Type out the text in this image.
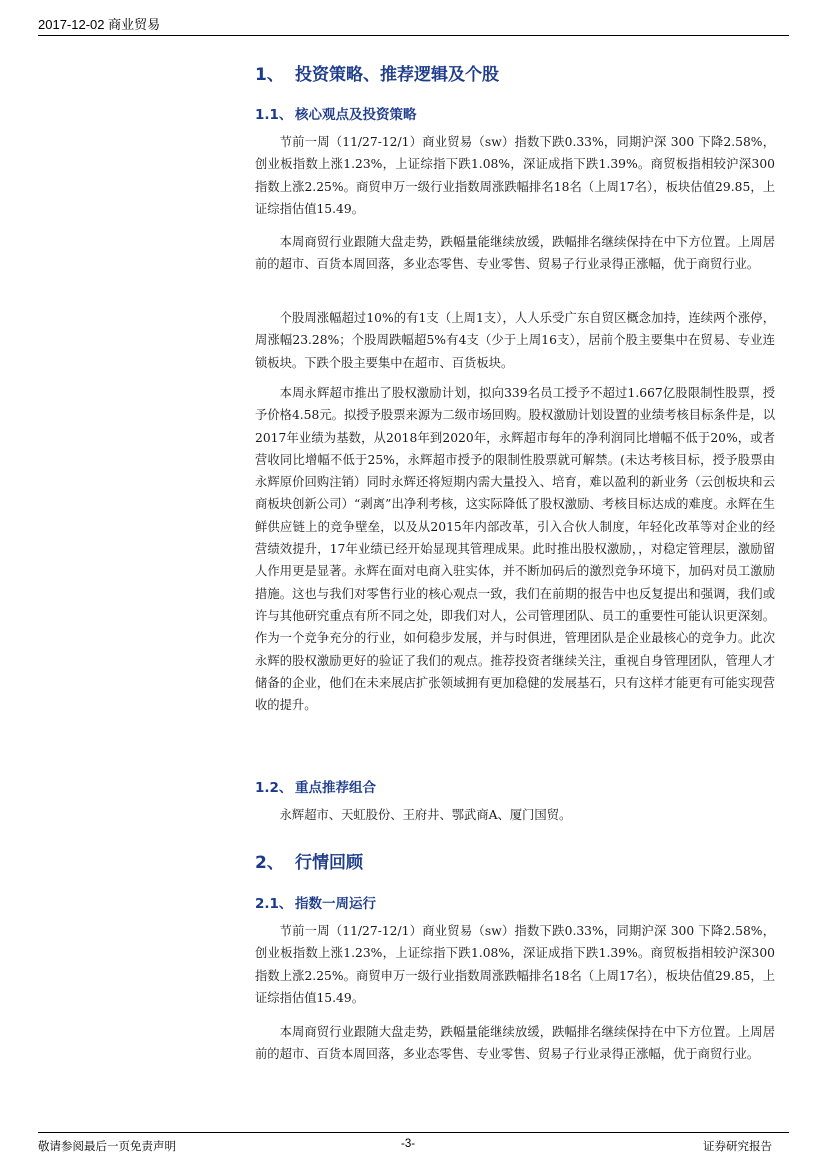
2017-12-02 商业贸易
1、 投资策略、推荐逻辑及个股
1.1、 核心观点及投资策略

节前一周（11/27-12/1）商业贸易（sw）指数下跌0.33%，同期沪深 300 下降2.58%，创业板指数上涨1.23%，上证综指下跌1.08%，深证成指下跌1.39%。商贸板指相较沪深300指数上涨2.25%。商贸申万一级行业指数周涨跌幅排名18名（上周17名），板块估值29.85，上证综指估值15.49。

本周商贸行业跟随大盘走势，跌幅量能继续放缓，跌幅排名继续保持在中下方位置。上周居前的超市、百货本周回落，多业态零售、专业零售、贸易子行业录得正涨幅，优于商贸行业。

个股周涨幅超过10%的有1支（上周1支），人人乐受广东自贸区概念加持，连续两个涨停，周涨幅23.28%；个股周跌幅超5%有4支（少于上周16支），居前个股主要集中在贸易、专业连锁板块。下跌个股主要集中在超市、百货板块。

本周永辉超市推出了股权激励计划，拟向339名员工授予不超过1.667亿股限制性股票，授予价格4.58元。拟授予股票来源为二级市场回购。股权激励计划设置的业绩考核目标条件是，以2017年业绩为基数，从2018年到2020年，永辉超市每年的净利润同比增幅不低于20%，或者营收同比增幅不低于25%，永辉超市授予的限制性股票就可解禁。(未达考核目标，授予股票由永辉原价回购注销）同时永辉还将短期内需大量投入、培育，难以盈利的新业务（云创板块和云商板块创新公司）“剥离”出净利考核，这实际降低了股权激励、考核目标达成的难度。永辉在生鲜供应链上的竞争壁垒，以及从2015年内部改革，引入合伙人制度，年轻化改革等对企业的经营绩效提升，17年业绩已经开始显现其管理成果。此时推出股权激励，，对稳定管理层，激励留人作用更是显著。永辉在面对电商入驻实体，并不断加码后的激烈竞争环境下，加码对员工激励措施。这也与我们对零售行业的核心观点一致，我们在前期的报告中也反复提出和强调，我们或许与其他研究重点有所不同之处，即我们对人，公司管理团队、员工的重要性可能认识更深刻。作为一个竞争充分的行业，如何稳步发展，并与时俱进，管理团队是企业最核心的竞争力。此次永辉的股权激励更好的验证了我们的观点。推荐投资者继续关注，重视自身管理团队，管理人才储备的企业，他们在未来展店扩张领域拥有更加稳健的发展基石，只有这样才能更有可能实现营收的提升。

1.2、 重点推荐组合

永辉超市、天虹股份、王府井、鄂武商A、厦门国贸。

2、 行情回顾
2.1、 指数一周运行

节前一周（11/27-12/1）商业贸易（sw）指数下跌0.33%，同期沪深 300 下降2.58%，创业板指数上涨1.23%，上证综指下跌1.08%，深证成指下跌1.39%。商贸板指相较沪深300指数上涨2.25%。商贸申万一级行业指数周涨跌幅排名18名（上周17名），板块估值29.85，上证综指估值15.49。

本周商贸行业跟随大盘走势，跌幅量能继续放缓，跌幅排名继续保持在中下方位置。上周居前的超市、百货本周回落，多业态零售、专业零售、贸易子行业录得正涨幅，优于商贸行业。

敬请参阅最后一页免责声明	-3-	证券研究报告
